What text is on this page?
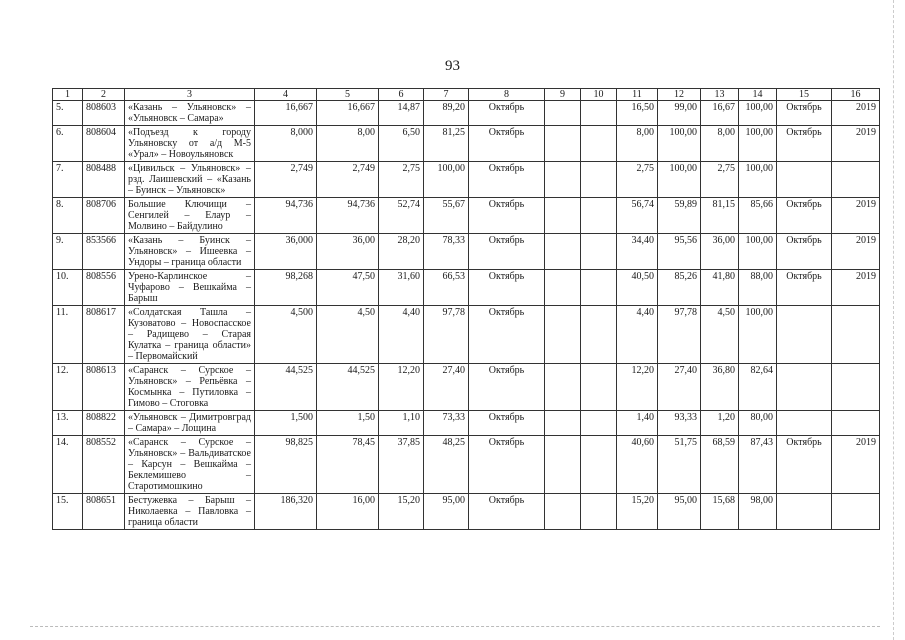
93
1	2	3	4	5	6	7	8	9	10	11	12	13	14	15	16
5.	808603	«Казань – Ульяновск» – «Ульяновск – Самара»	16,667	16,667	14,87	89,20	Октябрь			16,50	99,00	16,67	100,00	Октябрь	2019
6.	808604	«Подъезд к городу Ульяновску от а/д М-5 «Урал» – Новоульяновск	8,000	8,00	6,50	81,25	Октябрь			8,00	100,00	8,00	100,00	Октябрь	2019
7.	808488	«Цивильск – Ульяновск» – рзд. Лаишевский – «Казань – Буинск – Ульяновск»	2,749	2,749	2,75	100,00	Октябрь			2,75	100,00	2,75	100,00		
8.	808706	Большие Ключищи – Сенгилей – Елаур – Молвино – Байдулино	94,736	94,736	52,74	55,67	Октябрь			56,74	59,89	81,15	85,66	Октябрь	2019
9.	853566	«Казань – Буинск – Ульяновск» – Ишеевка – Ундоры – граница области	36,000	36,00	28,20	78,33	Октябрь			34,40	95,56	36,00	100,00	Октябрь	2019
10.	808556	Урено-Карлинское – Чуфарово – Вешкайма – Барыш	98,268	47,50	31,60	66,53	Октябрь			40,50	85,26	41,80	88,00	Октябрь	2019
11.	808617	«Солдатская Ташла – Кузоватово – Новоспасское – Радищево – Старая Кулатка – граница области» – Первомайский	4,500	4,50	4,40	97,78	Октябрь			4,40	97,78	4,50	100,00		
12.	808613	«Саранск – Сурское – Ульяновск» – Репьёвка – Космынка – Путиловка – Гимово – Стоговка	44,525	44,525	12,20	27,40	Октябрь			12,20	27,40	36,80	82,64		
13.	808822	«Ульяновск – Димитровград – Самара» – Лощина	1,500	1,50	1,10	73,33	Октябрь			1,40	93,33	1,20	80,00		
14.	808552	«Саранск – Сурское – Ульяновск» – Вальдиватское – Карсун – Вешкайма – Беклемишево – Старотимошкино	98,825	78,45	37,85	48,25	Октябрь			40,60	51,75	68,59	87,43	Октябрь	2019
15.	808651	Бестужевка – Барыш – Николаевка – Павловка – граница области	186,320	16,00	15,20	95,00	Октябрь			15,20	95,00	15,68	98,00		
